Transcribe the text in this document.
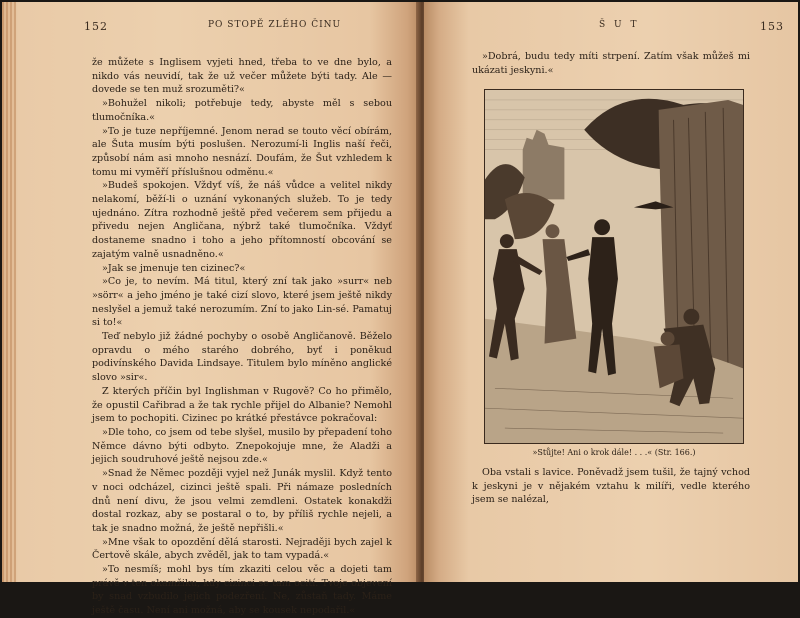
152	PO STOPĚ ZLÉHO ČINU

že můžete s Inglisem vyjeti hned, třeba to ve dne bylo, a nikdo vás neuvidí, tak že už večer můžete býti tady. Ale — dovede se ten muž srozuměti?«

»Bohužel nikoli; potřebuje tedy, abyste měl s sebou tlumočníka.«

»To je tuze nepříjemné. Jenom nerad se touto věcí obírám, ale Šuta musím býti poslušen. Nerozumí-li Inglis naší řeči, způsobí nám asi mnoho nesnází. Doufám, že Šut vzhledem k tomu mi vyměří příslušnou odměnu.«

»Budeš spokojen. Vždyť víš, že náš vůdce a velitel nikdy nelakomí, běží-li o uznání vykonaných služeb. To je tedy ujednáno. Zítra rozhodně ještě před večerem sem přijedu a přivedu nejen Angličana, nýbrž také tlumočníka. Vždyť dostaneme snadno i toho a jeho přítomností obcování se zajatým valně usnadněno.«

»Jak se jmenuje ten cizinec?«

»Co je, to nevím. Má titul, který zní tak jako »surr« neb »sörr« a jeho jméno je také cizí slovo, které jsem ještě nikdy neslyšel a jemuž také nerozumím. Zní to jako Lin-sé. Pamatuj si to!«

Teď nebylo již žádné pochyby o osobě Angličanově. Běželo opravdu o mého starého dobrého, byť i poněkud podivínského Davida Lindsaye. Titulem bylo míněno anglické slovo »sir«.

Z kterých příčin byl Inglishman v Rugově? Co ho přimělo, že opustil Cařibrad a že tak rychle přijel do Albanie? Nemohl jsem to pochopiti. Cizinec po krátké přestávce pokračoval:

»Dle toho, co jsem od tebe slyšel, musilo by přepadení toho Němce dávno býti odbyto. Znepokojuje mne, že Aladži a jejich soudruhové ještě nejsou zde.«

»Snad že Němec později vyjel než Junák myslil. Když tento v noci odcházel, cizinci ještě spali. Při námaze posledních dnů není divu, že jsou velmi zemdleni. Ostatek konakdži dostal rozkaz, aby se postaral o to, by příliš rychle nejeli, a tak je snadno možná, že ještě nepřišli.«

»Mne však to opozdění dělá starosti. Nejraději bych zajel k Čertově skále, abych zvěděl, jak to tam vypadá.«

»To nesmíš; mohl bys tím zkaziti celou věc a dojeti tam právě v ten okamžiku, kdy cizinci se tam ocití. Tvoje objevení by snad vzbudilo jejich podezření. Ne, zůstaň tady. Máme ještě času. Není ani možná, aby se kousek nepodařil.«

Š U T	153

»Dobrá, budu tedy míti strpení. Zatím však můžeš mi ukázati jeskyni.«

»Stůjte! Ani o krok dále! . . .« (Str. 166.)

Oba vstali s lavice. Poněvadž jsem tušil, že tajný vchod k jeskyni je v nějakém vztahu k milíři, vedle kterého jsem se nalézal,
